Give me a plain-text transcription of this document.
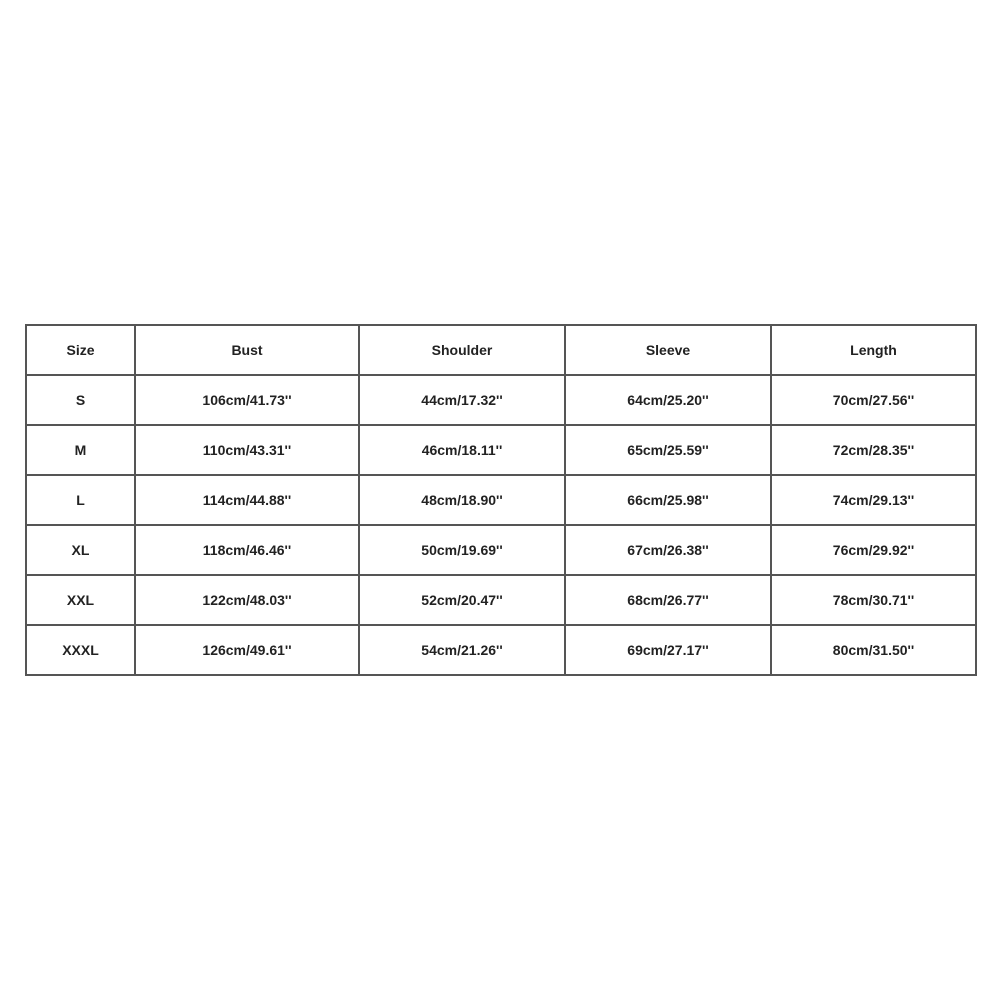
Size	Bust	Shoulder	Sleeve	Length
S	106cm/41.73''	44cm/17.32''	64cm/25.20''	70cm/27.56''
M	110cm/43.31''	46cm/18.11''	65cm/25.59''	72cm/28.35''
L	114cm/44.88''	48cm/18.90''	66cm/25.98''	74cm/29.13''
XL	118cm/46.46''	50cm/19.69''	67cm/26.38''	76cm/29.92''
XXL	122cm/48.03''	52cm/20.47''	68cm/26.77''	78cm/30.71''
XXXL	126cm/49.61''	54cm/21.26''	69cm/27.17''	80cm/31.50''
